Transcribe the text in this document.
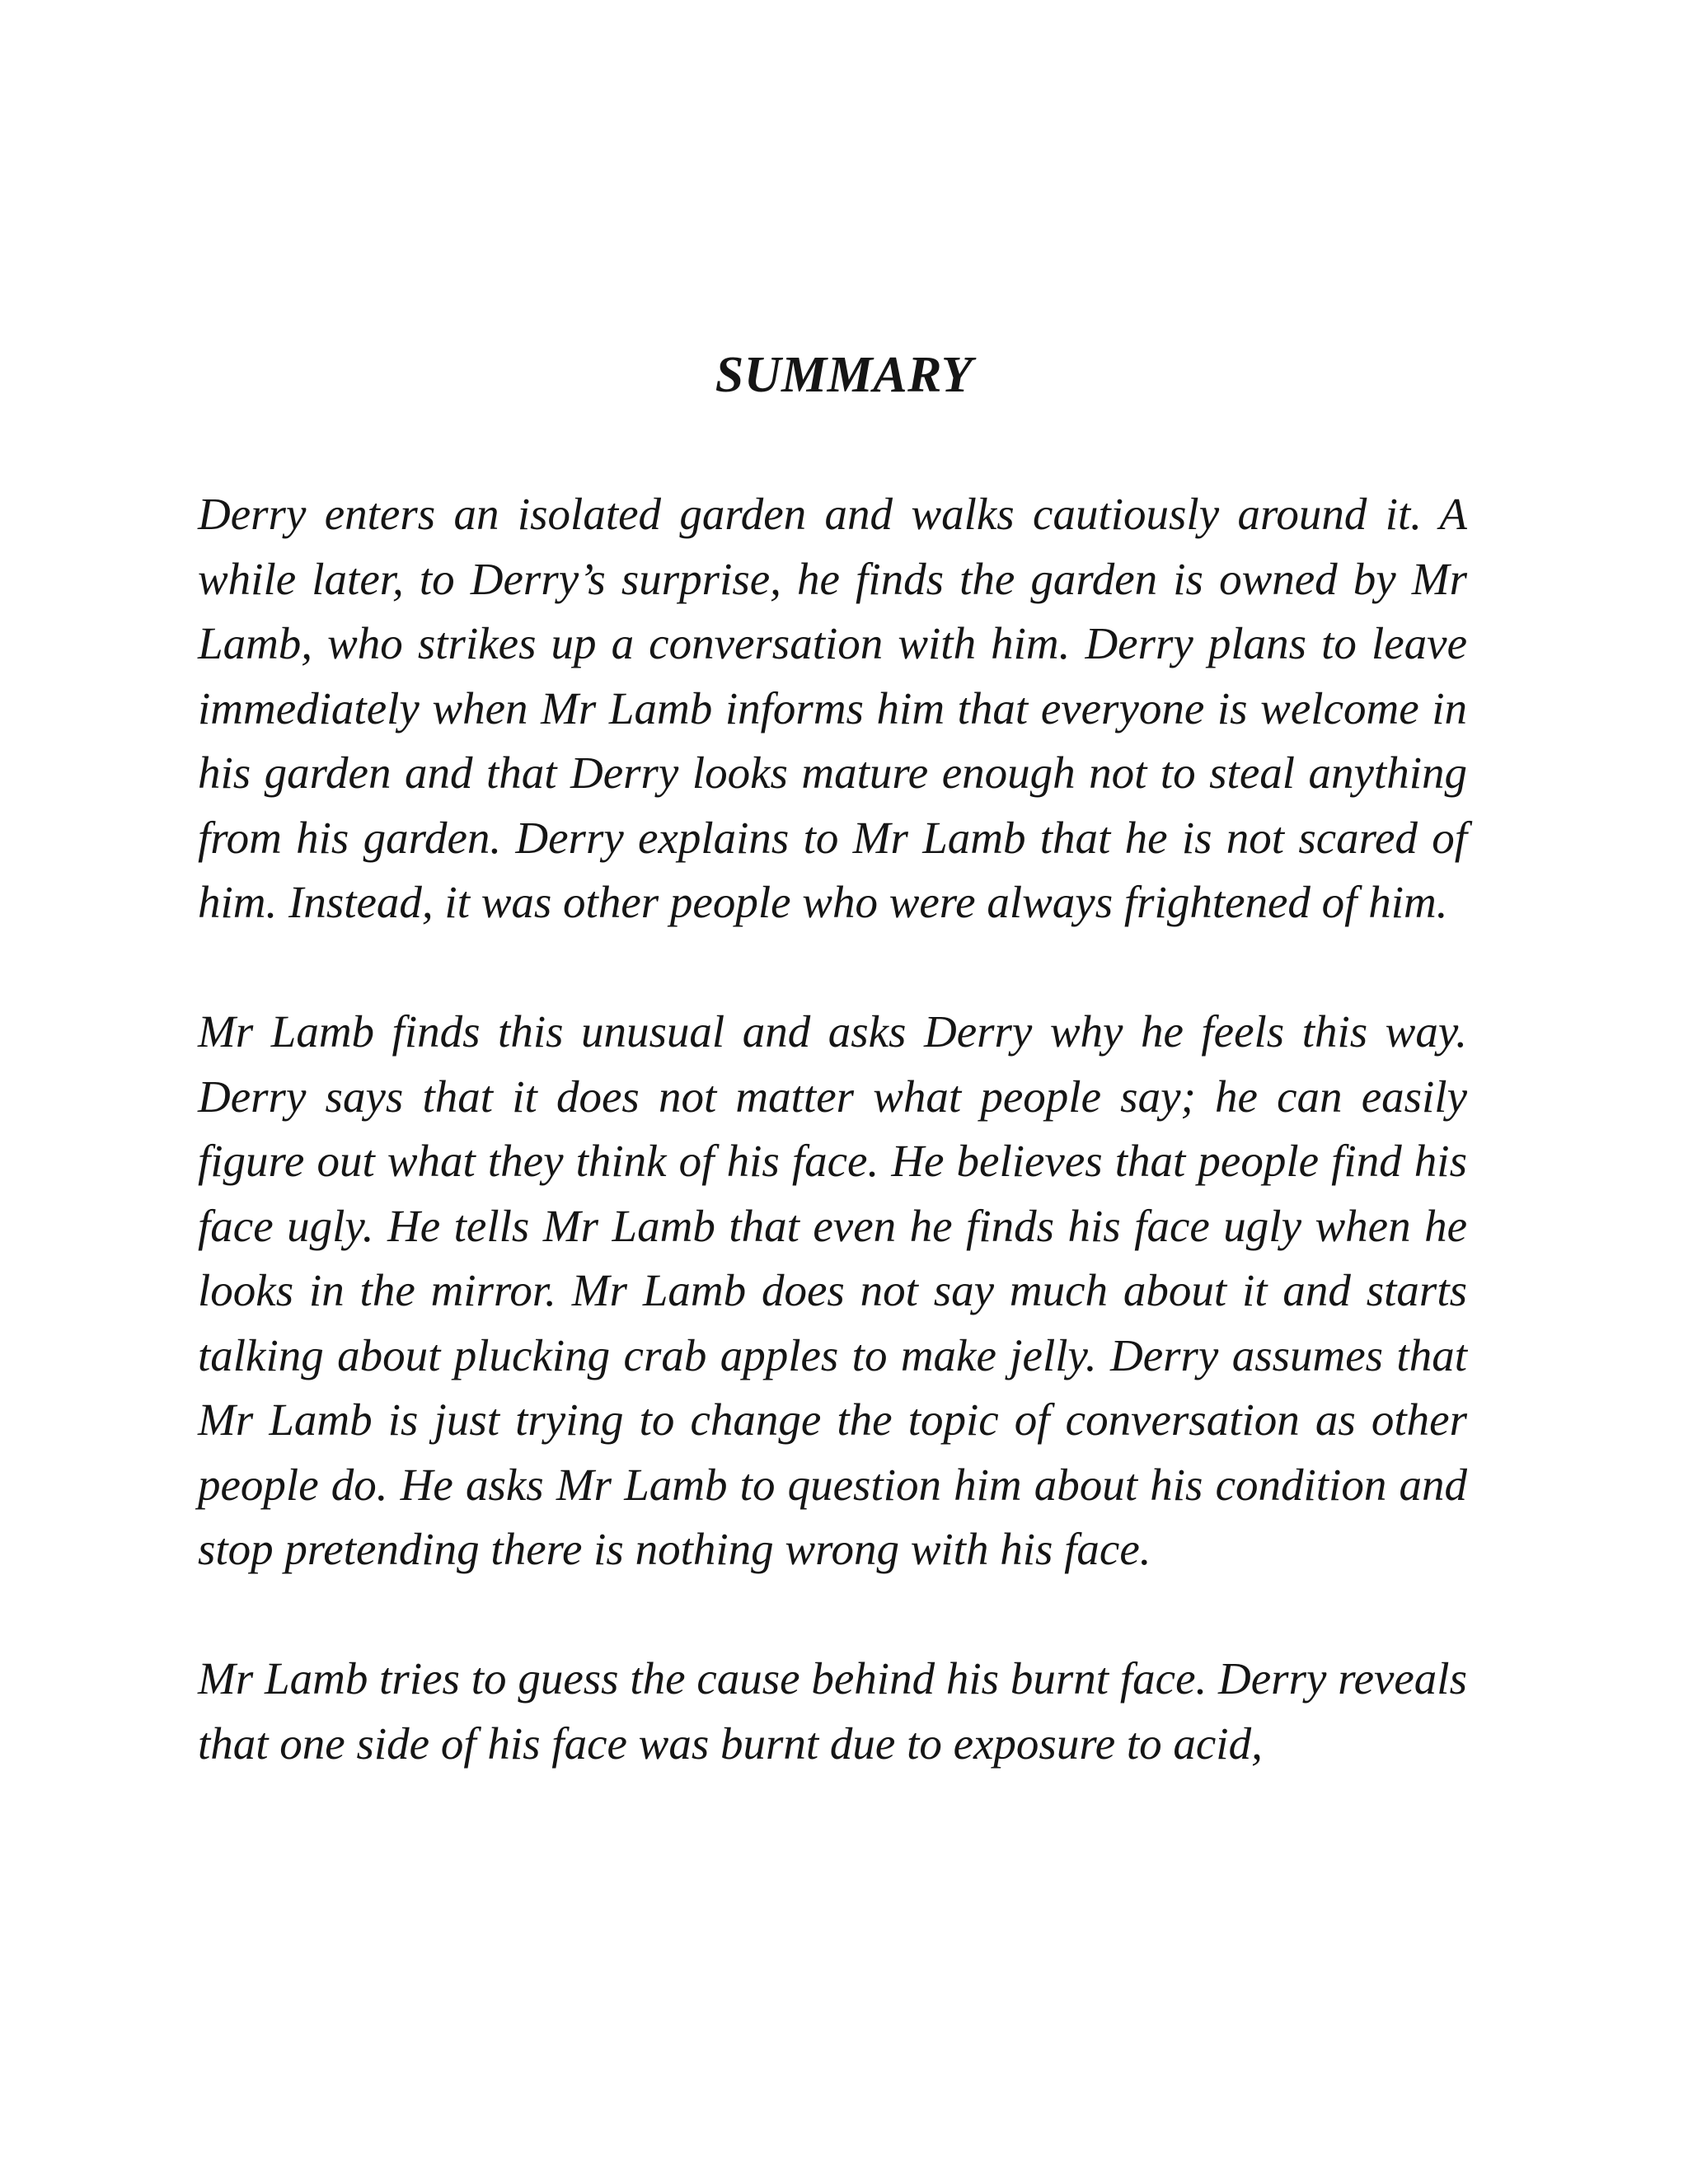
SUMMARY

Derry enters an isolated garden and walks cautiously around it. A while later, to Derry’s surprise, he finds the garden is owned by Mr Lamb, who strikes up a conversation with him. Derry plans to leave immediately when Mr Lamb informs him that everyone is welcome in his garden and that Derry looks mature enough not to steal anything from his garden. Derry explains to Mr Lamb that he is not scared of him. Instead, it was other people who were always frightened of him.

Mr Lamb finds this unusual and asks Derry why he feels this way. Derry says that it does not matter what people say; he can easily figure out what they think of his face. He believes that people find his face ugly. He tells Mr Lamb that even he finds his face ugly when he looks in the mirror. Mr Lamb does not say much about it and starts talking about plucking crab apples to make jelly. Derry assumes that Mr Lamb is just trying to change the topic of conversation as other people do. He asks Mr Lamb to question him about his condition and stop pretending there is nothing wrong with his face.

Mr Lamb tries to guess the cause behind his burnt face. Derry reveals that one side of his face was burnt due to exposure to acid,
